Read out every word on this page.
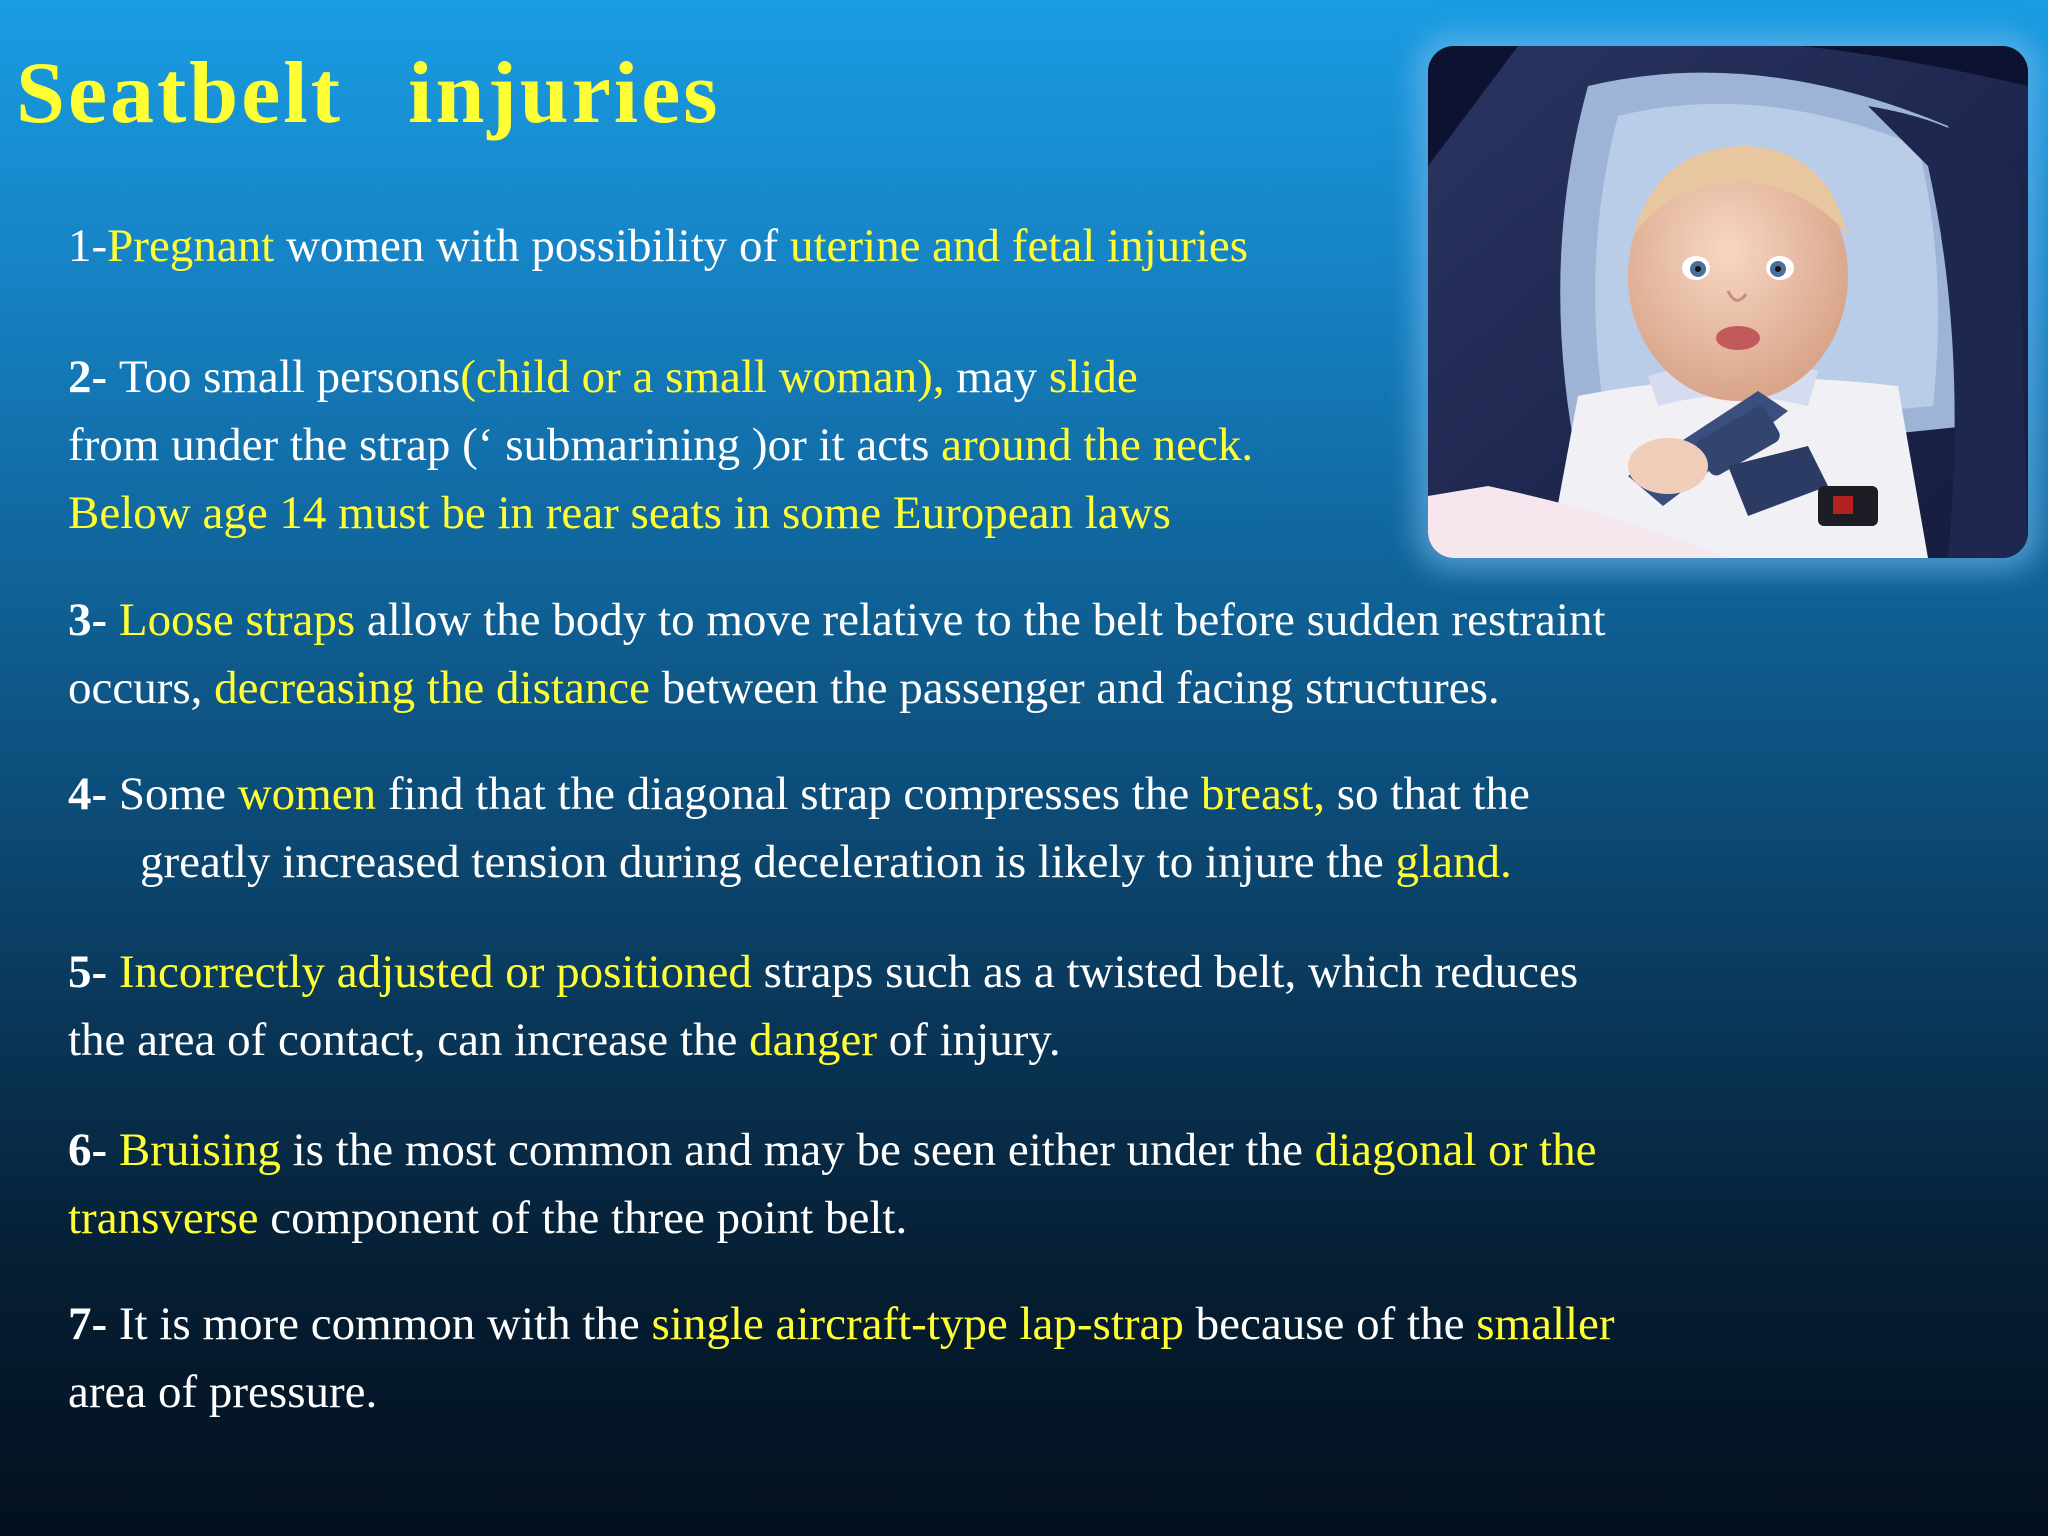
Seatbelt injuries
1-Pregnant women with possibility of uterine and fetal injuries
2- Too small persons(child or a small woman), may slide
from under the strap (‘ submarining )or it acts around the neck.
Below age 14 must be in rear seats in some European laws
3- Loose straps allow the body to move relative to the belt before sudden restraint
occurs, decreasing the distance between the passenger and facing structures.
4- Some women find that the diagonal strap compresses the breast, so that the
greatly increased tension during deceleration is likely to injure the gland.
5- Incorrectly adjusted or positioned straps such as a twisted belt, which reduces
the area of contact, can increase the danger of injury.
6- Bruising is the most common and may be seen either under the diagonal or the
transverse component of the three point belt.
7- It is more common with the single aircraft-type lap-strap because of the smaller
area of pressure.
